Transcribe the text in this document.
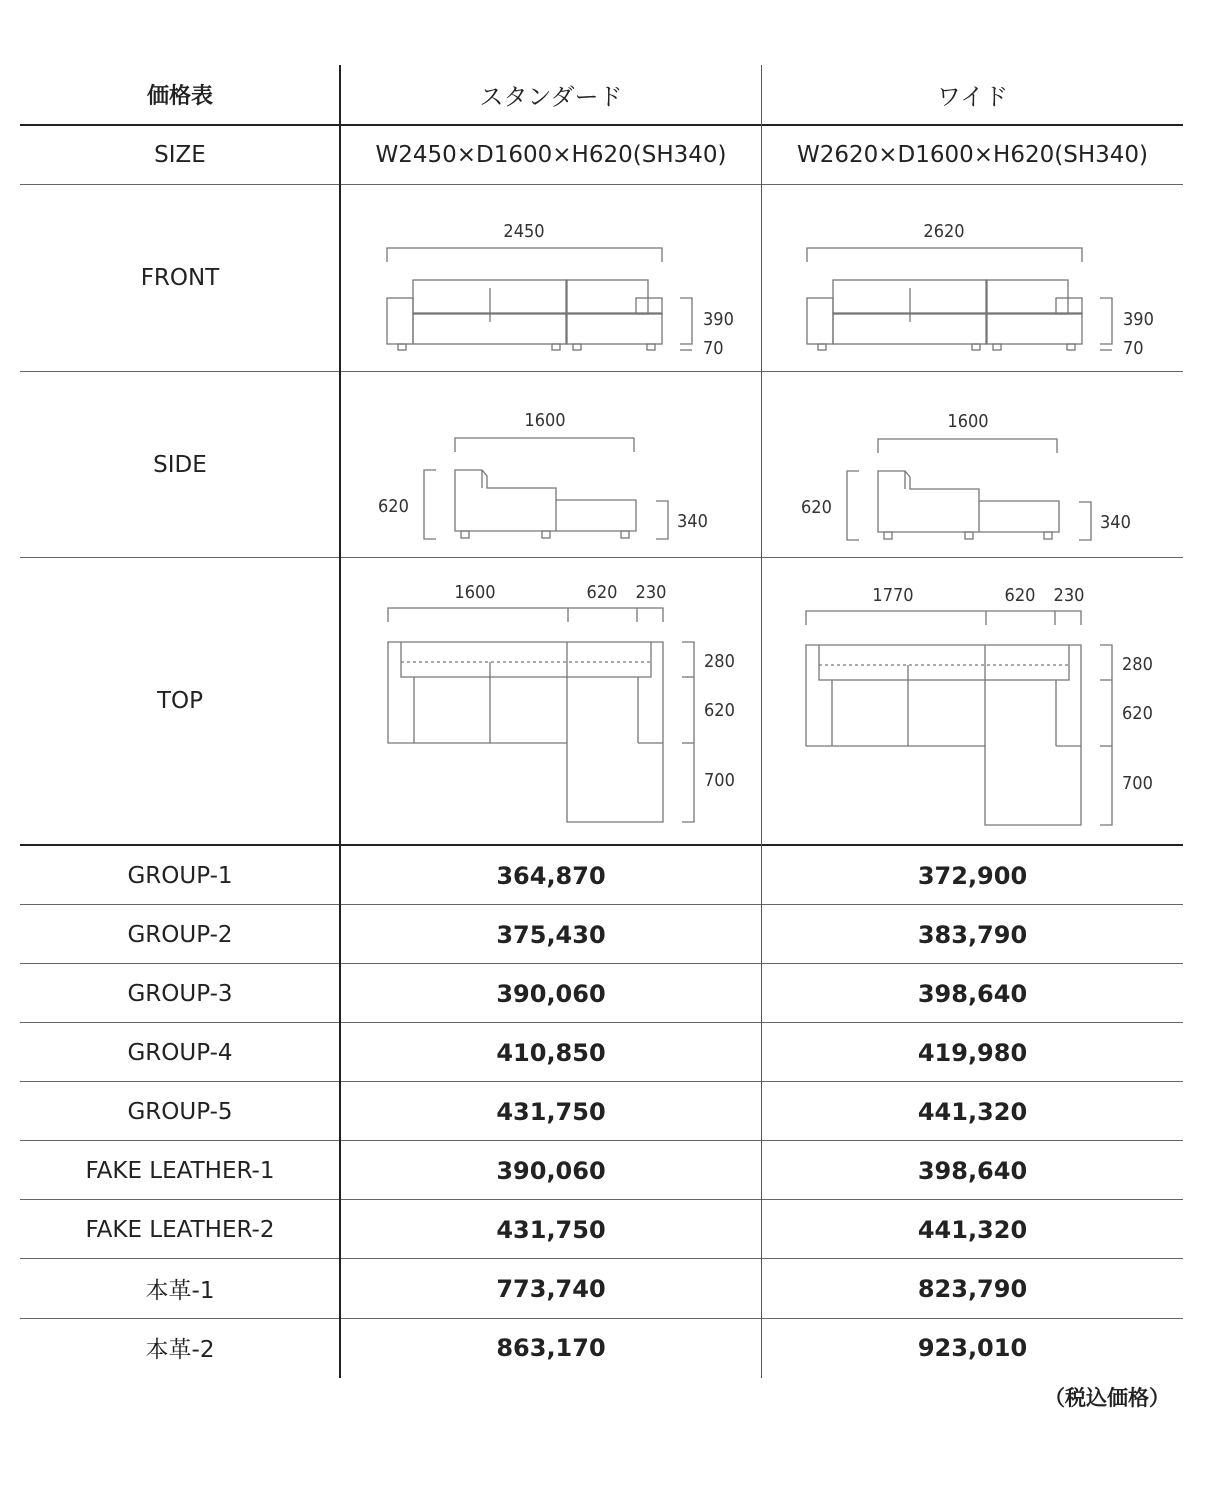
価格表	スタンダード	ワイド
SIZE	W2450×D1600×H620(SH340)	W2620×D1600×H620(SH340)
FRONT
SIDE
TOP
2450
390
70
2620
390
70
1600
620
340
1600
620
340
1600	620 230
280
620
700
1770	620 230
280
620
700
GROUP-1	364,870	372,900
GROUP-2	375,430	383,790
GROUP-3	390,060	398,640
GROUP-4	410,850	419,980
GROUP-5	431,750	441,320
FAKE LEATHER-1	390,060	398,640
FAKE LEATHER-2	431,750	441,320
本革-1	773,740	823,790
本革-2	863,170	923,010
（税込価格）
